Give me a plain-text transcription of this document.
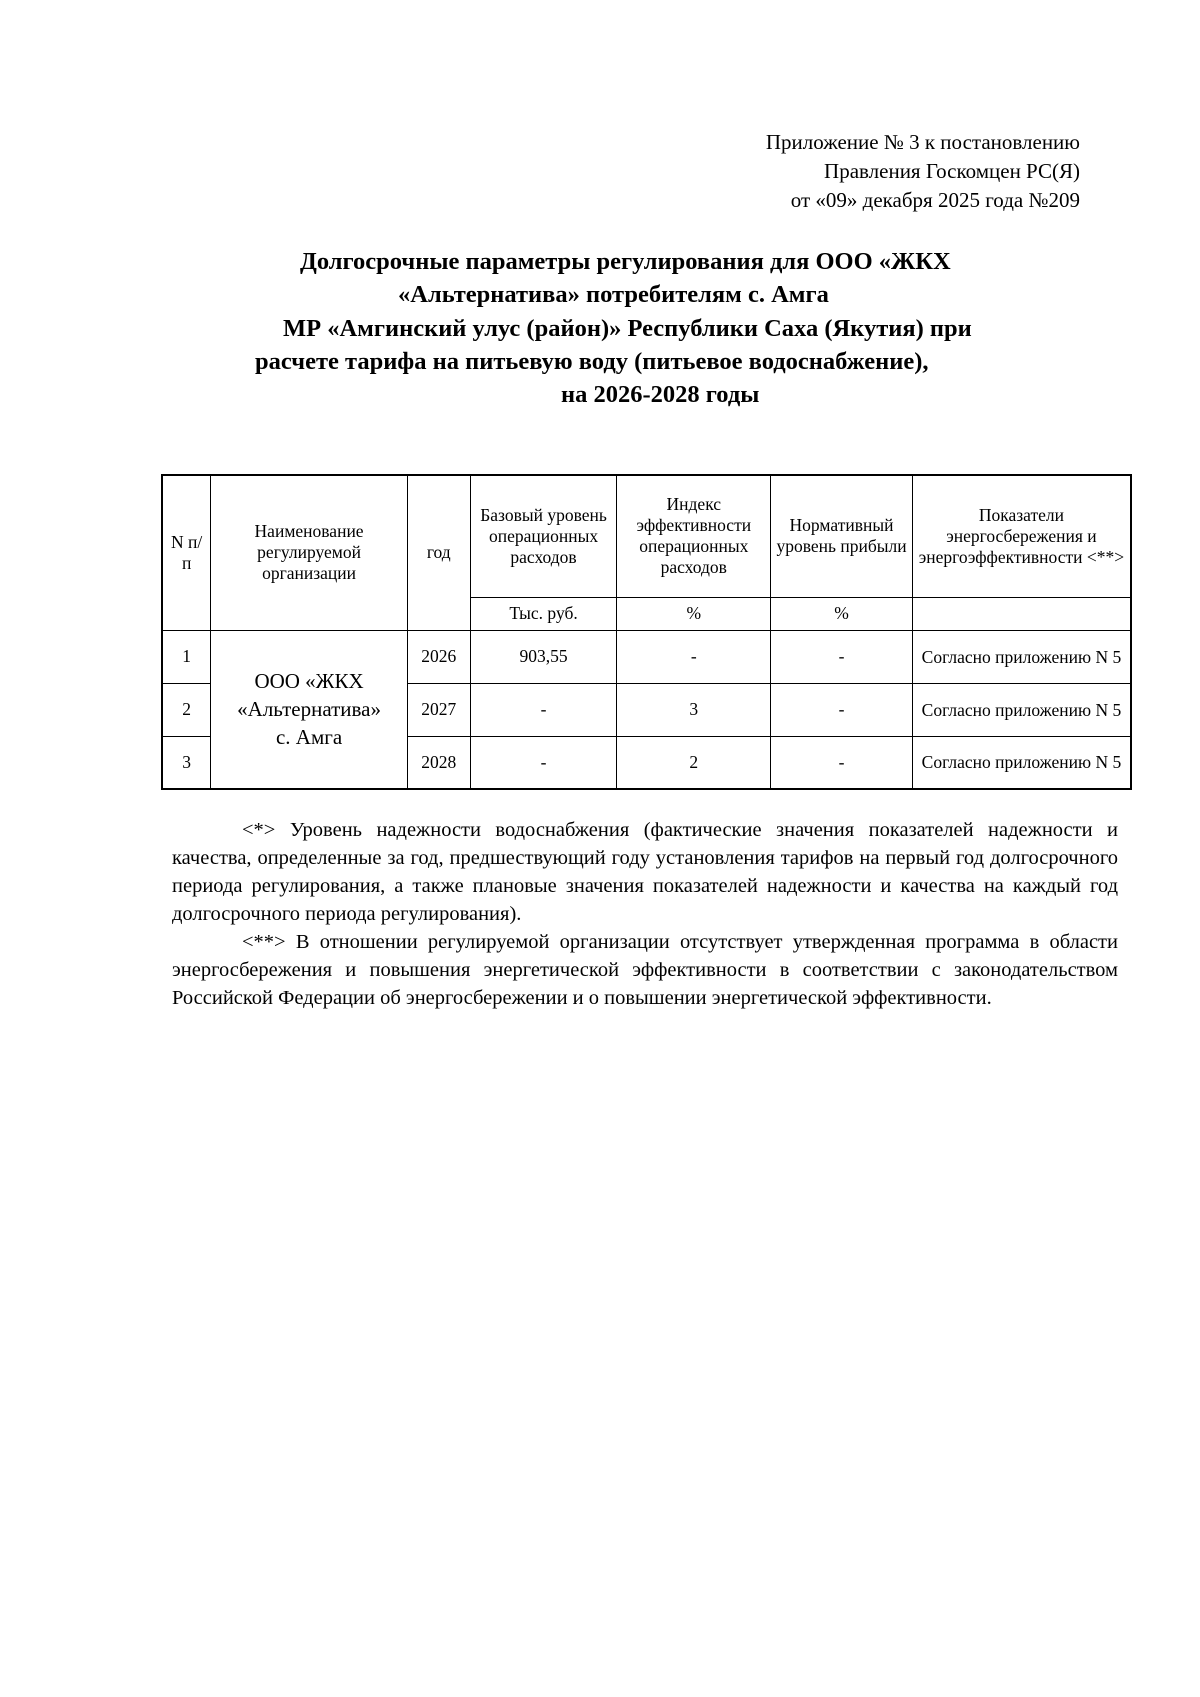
Приложение № 3 к постановлению
Правления Госкомцен РС(Я)
от «09» декабря 2025 года №209
Долгосрочные параметры регулирования для ООО «ЖКХ
«Альтернатива» потребителям с. Амга
МР «Амгинский улус (район)» Республики Саха (Якутия) при
расчете тарифа на питьевую воду (питьевое водоснабжение),
на 2026-2028 годы
N п/п	Наименование регулируемой организации	год	Базовый уровень операционных расходов	Индекс эффективности операционных расходов	Нормативный уровень прибыли	Показатели энергосбережения и энергоэффективности <**>
			Тыс. руб.	%	%	
1	ООО «ЖКХ
«Альтернатива»
с. Амга	2026	903,55	-	-	Согласно приложению N 5
2		2027	-	3	-	Согласно приложению N 5
3		2028	-	2	-	Согласно приложению N 5

<*> Уровень надежности водоснабжения (фактические значения показателей надежности и качества, определенные за год, предшествующий году установления тарифов на первый год долгосрочного периода регулирования, а также плановые значения показателей надежности и качества на каждый год долгосрочного периода регулирования).

<**> В отношении регулируемой организации отсутствует утвержденная программа в области энергосбережения и повышения энергетической эффективности в соответствии с законодательством Российской Федерации об энергосбережении и о повышении энергетической эффективности.
